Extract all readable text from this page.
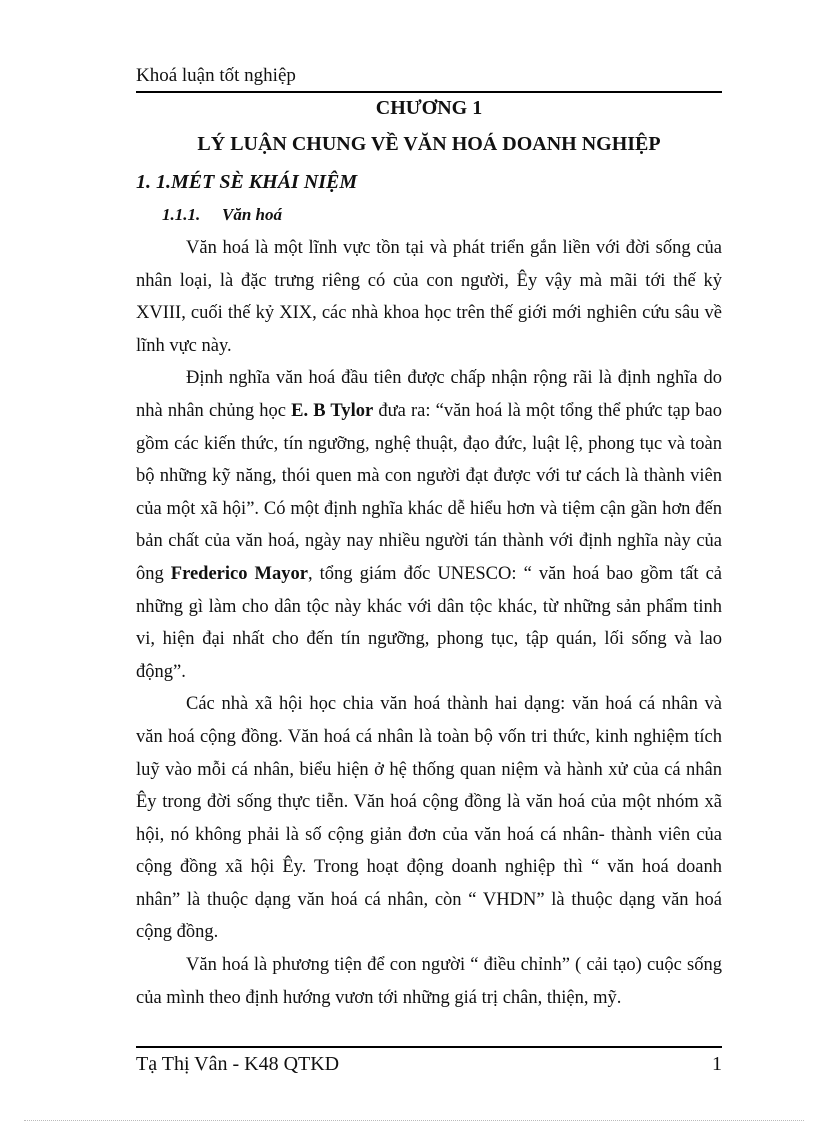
Khoá luận tốt nghiệp
CHƯƠNG 1
LÝ LUẬN CHUNG VỀ VĂN HOÁ DOANH NGHIỆP
1. 1.MÉT SÈ KHÁI NIỆM
1.1.1. Văn hoá

Văn hoá là một lĩnh vực tồn tại và phát triển gắn liền với đời sống của nhân loại, là đặc trưng riêng có của con người, Êy vậy mà mãi tới thế kỷ XVIII, cuối thế kỷ XIX, các nhà khoa học trên thế giới mới nghiên cứu sâu về lĩnh vực này.

Định nghĩa văn hoá đầu tiên được chấp nhận rộng rãi là định nghĩa do nhà nhân chủng học E. B Tylor đưa ra: “văn hoá là một tổng thể phức tạp bao gồm các kiến thức, tín ngưỡng, nghệ thuật, đạo đức, luật lệ, phong tục và toàn bộ những kỹ năng, thói quen mà con người đạt được với tư cách là thành viên của một xã hội”. Có một định nghĩa khác dễ hiểu hơn và tiệm cận gần hơn đến bản chất của văn hoá, ngày nay nhiều người tán thành với định nghĩa này của ông Frederico Mayor, tổng giám đốc UNESCO: “ văn hoá bao gồm tất cả những gì làm cho dân tộc này khác với dân tộc khác, từ những sản phẩm tinh vi, hiện đại nhất cho đến tín ngưỡng, phong tục, tập quán, lối sống và lao động”.

Các nhà xã hội học chia văn hoá thành hai dạng: văn hoá cá nhân và văn hoá cộng đồng. Văn hoá cá nhân là toàn bộ vốn tri thức, kinh nghiệm tích luỹ vào mỗi cá nhân, biểu hiện ở hệ thống quan niệm và hành xử của cá nhân Êy trong đời sống thực tiễn. Văn hoá cộng đồng là văn hoá của một nhóm xã hội, nó không phải là số cộng giản đơn của văn hoá cá nhân- thành viên của cộng đồng xã hội Êy. Trong hoạt động doanh nghiệp thì “ văn hoá doanh nhân” là thuộc dạng văn hoá cá nhân, còn “ VHDN” là thuộc dạng văn hoá cộng đồng.

Văn hoá là phương tiện để con người “ điều chỉnh” ( cải tạo) cuộc sống của mình theo định hướng vươn tới những giá trị chân, thiện, mỹ.

Tạ Thị Vân - K48 QTKD	1
